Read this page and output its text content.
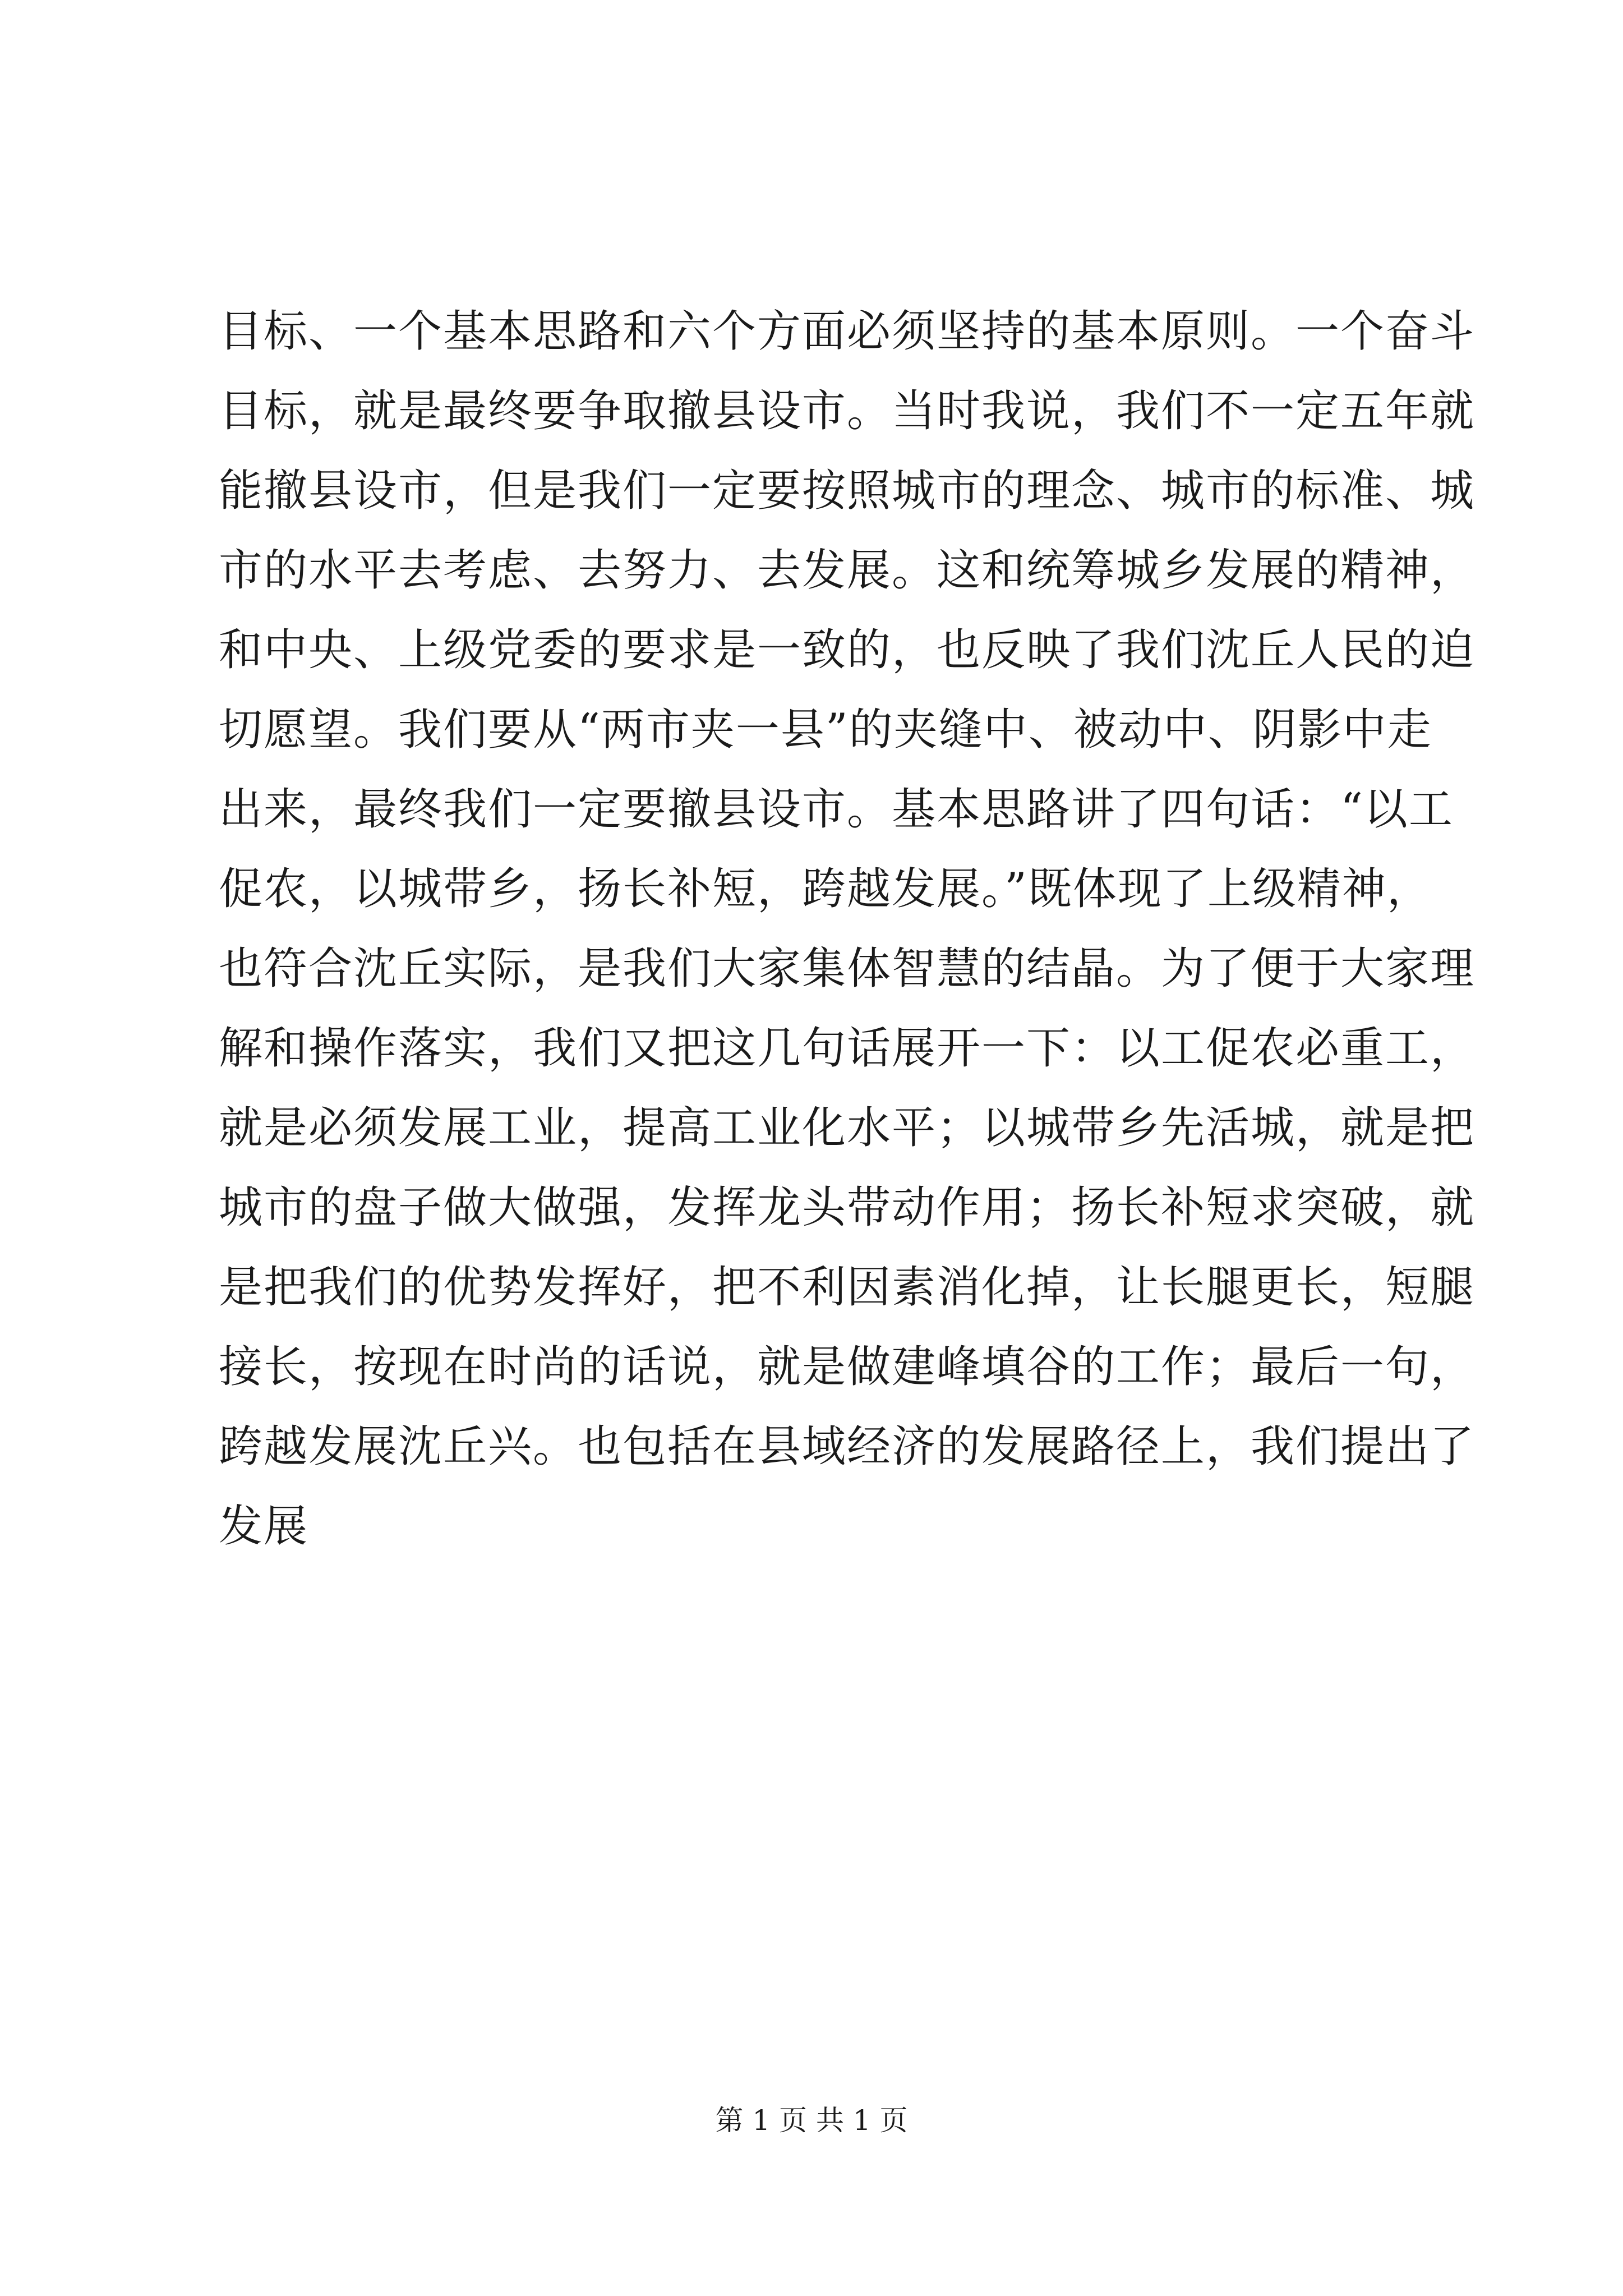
目标、一个基本思路和六个方面必须坚持的基本原则。一个奋斗
目标，就是最终要争取撤县设市。当时我说，我们不一定五年就
能撤县设市，但是我们一定要按照城市的理念、城市的标准、城
市的水平去考虑、去努力、去发展。这和统筹城乡发展的精神，
和中央、上级党委的要求是一致的，也反映了我们沈丘人民的迫
切愿望。我们要从“两市夹一县”的夹缝中、被动中、阴影中走
出来，最终我们一定要撤县设市。基本思路讲了四句话：“以工
促农，以城带乡，扬长补短，跨越发展。”既体现了上级精神，
也符合沈丘实际，是我们大家集体智慧的结晶。为了便于大家理
解和操作落实，我们又把这几句话展开一下：以工促农必重工，
就是必须发展工业，提高工业化水平；以城带乡先活城，就是把
城市的盘子做大做强，发挥龙头带动作用；扬长补短求突破，就
是把我们的优势发挥好，把不利因素消化掉，让长腿更长，短腿
接长，按现在时尚的话说，就是做建峰填谷的工作；最后一句，
跨越发展沈丘兴。也包括在县域经济的发展路径上，我们提出了
发展
第 1 页 共 1 页
